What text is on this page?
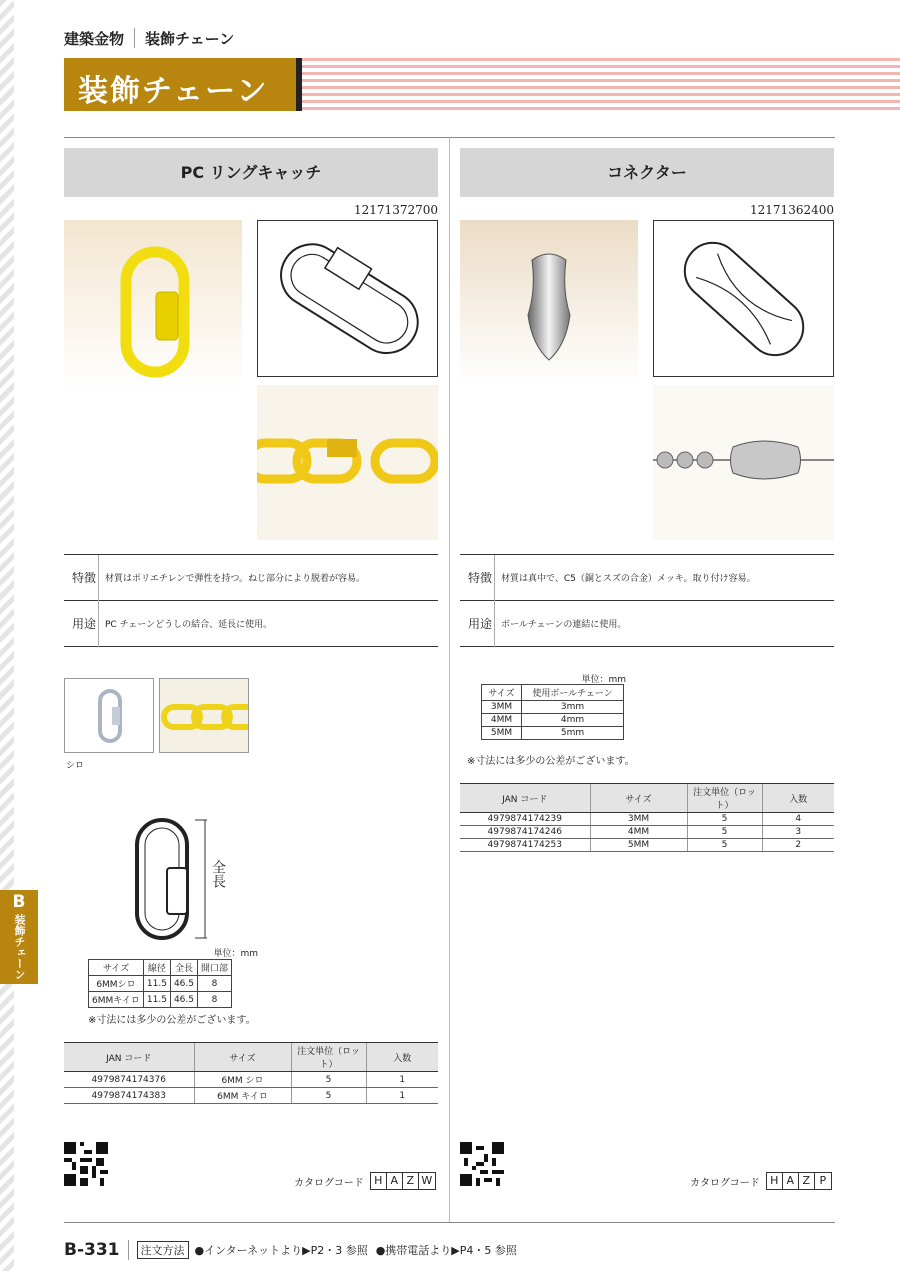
建築金物 装飾チェーン
装飾チェーン
PC リングキャッチ
12171372700
特徴 材質はポリエチレンで弾性を持つ。ねじ部分により脱着が容易。
用途 PC チェーンどうしの結合、延長に使用。
シロ
全長
単位：mm
サイズ	線径	全長	開口部
6MMシロ	11.5	46.5	8
6MMキイロ	11.5	46.5	8
※寸法には多少の公差がございます。
JAN コード	サイズ	注文単位（ロット）	入数
4979874174376	6MM シロ	5	1
4979874174383	6MM キイロ	5	1
カタログコード H A Z W
コネクター
12171362400
特徴 材質は真中で、C5（銅とスズの合金）メッキ。取り付け容易。
用途 ボールチェーンの連結に使用。
単位：mm
サイズ	使用ボールチェーン
3MM	3mm
4MM	4mm
5MM	5mm
※寸法には多少の公差がございます。
JAN コード	サイズ	注文単位（ロット）	入数
4979874174239	3MM	5	4
4979874174246	4MM	5	3
4979874174253	5MM	5	2
カタログコード H A Z P
B
装飾チェーン
B-331	注文方法 ●インターネットより▶P2・3 参照 ●携帯電話より▶P4・5 参照
